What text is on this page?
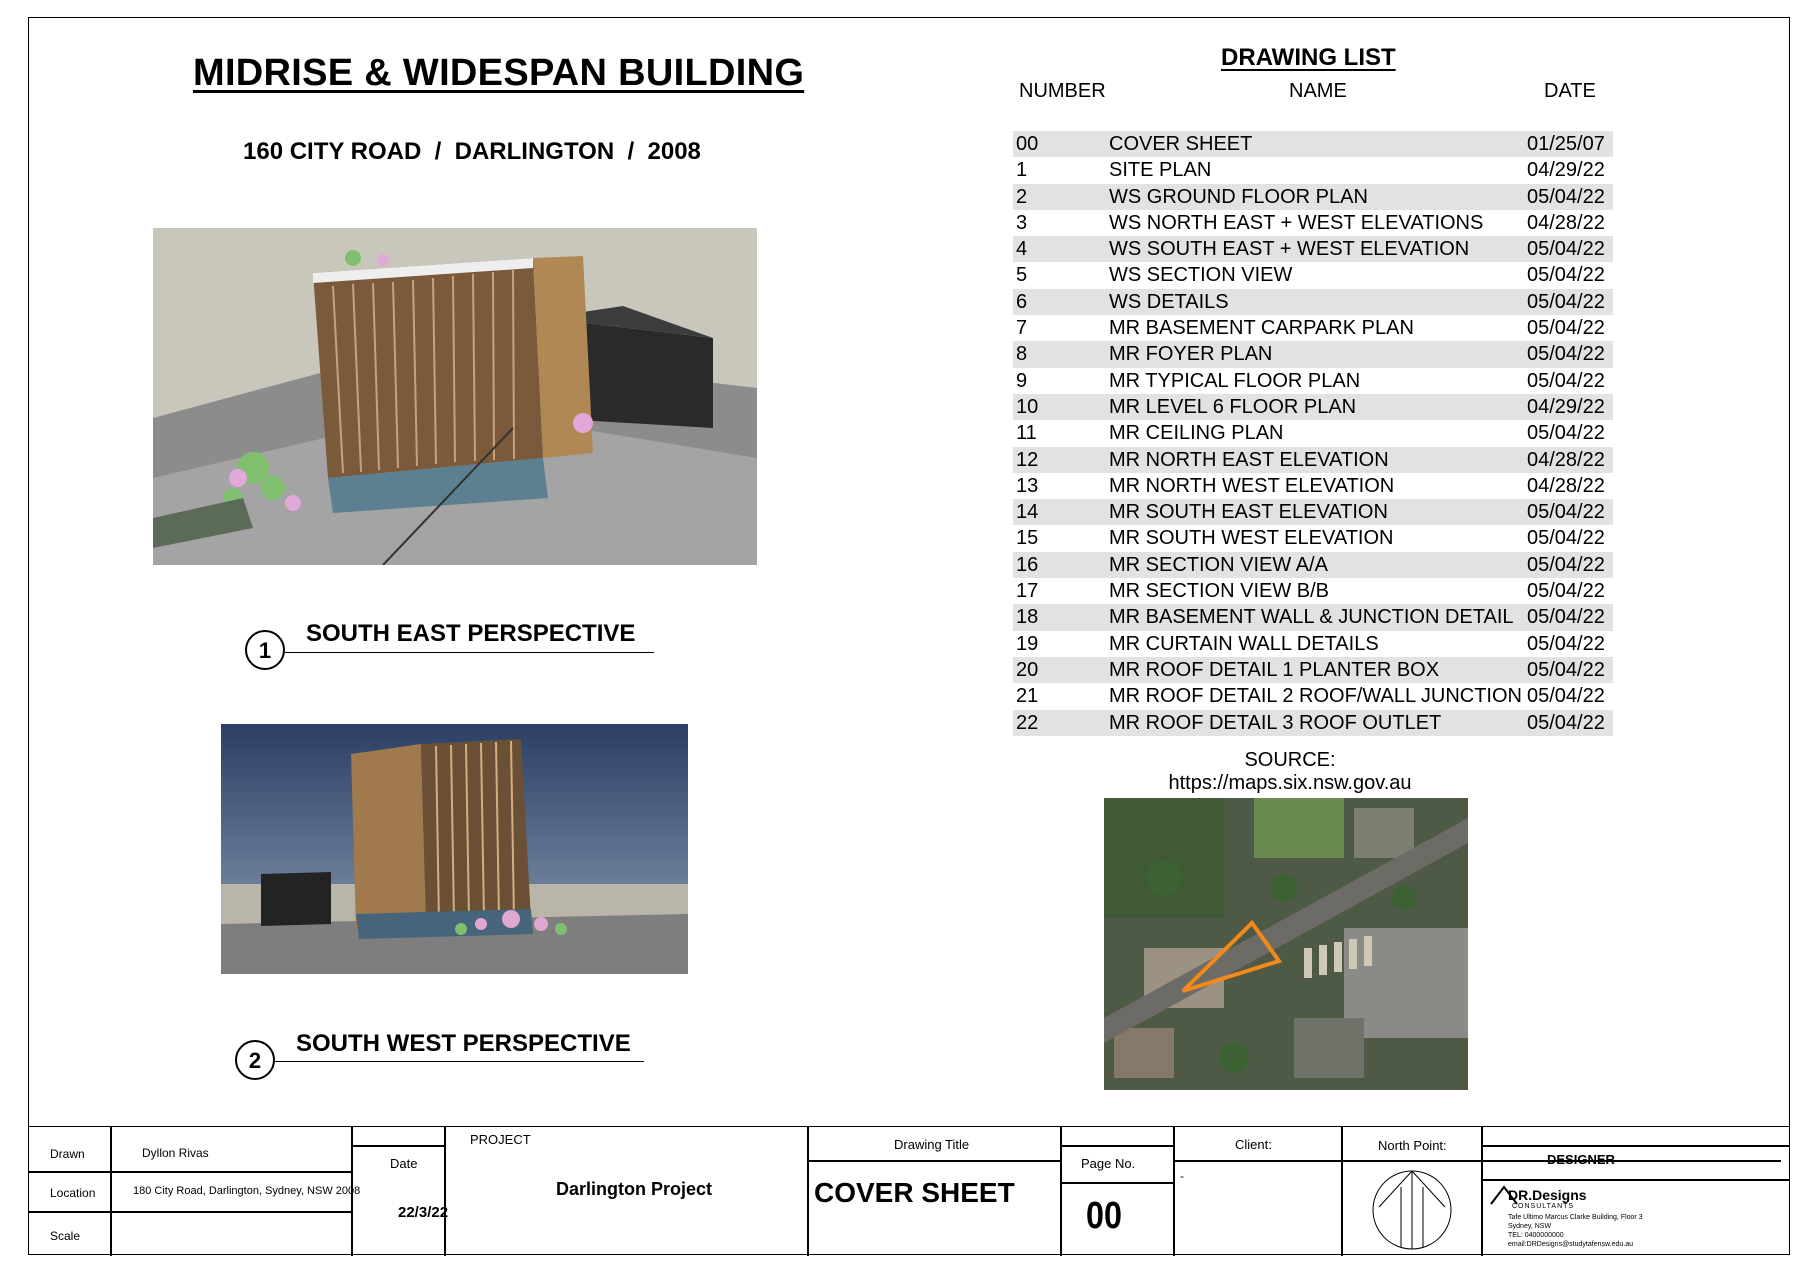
MIDRISE & WIDESPAN BUILDING
160 CITY ROAD  /  DARLINGTON  /  2008
1
SOUTH EAST PERSPECTIVE
2
SOUTH WEST PERSPECTIVE
DRAWING LIST
NUMBER	NAME	DATE
00	COVER SHEET	01/25/07
1	SITE PLAN	04/29/22
2	WS GROUND FLOOR PLAN	05/04/22
3	WS NORTH EAST + WEST ELEVATIONS 04/28/22
4	WS SOUTH EAST + WEST ELEVATION	05/04/22
5	WS SECTION VIEW	05/04/22
6	WS DETAILS	05/04/22
7	MR BASEMENT CARPARK PLAN	05/04/22
8	MR FOYER PLAN	05/04/22
9	MR TYPICAL FLOOR PLAN	05/04/22
10	MR LEVEL 6 FLOOR PLAN	04/29/22
11	MR CEILING PLAN	05/04/22
12	MR NORTH EAST ELEVATION	04/28/22
13	MR NORTH WEST ELEVATION	04/28/22
14	MR SOUTH EAST ELEVATION	05/04/22
15	MR SOUTH WEST ELEVATION	05/04/22
16	MR SECTION VIEW A/A	05/04/22
17	MR SECTION VIEW B/B	05/04/22
18	MR BASEMENT WALL & JUNCTION DETAIL 05/04/22
19	MR CURTAIN WALL DETAILS	05/04/22
20	MR ROOF DETAIL 1 PLANTER BOX	05/04/22
21	MR ROOF DETAIL 2 ROOF/WALL JUNCTION 05/04/22
22	MR ROOF DETAIL 3 ROOF OUTLET	05/04/22
SOURCE:
https://maps.six.nsw.gov.au
Drawn	Dyllon Rivas
Location	180 City Road, Darlington, Sydney, NSW 2008
Scale
Date
22/3/22
PROJECT
Darlington Project
Drawing Title
COVER SHEET
Page No.
00
Client:
-
North Point:
DESIGNER
DR.Designs
CONSULTANTS
Tafe Ultimo Marcus Clarke Building, Floor 3
Sydney, NSW
TEL: 0400000000
email:DRDesigns@studytafensw.edu.au
